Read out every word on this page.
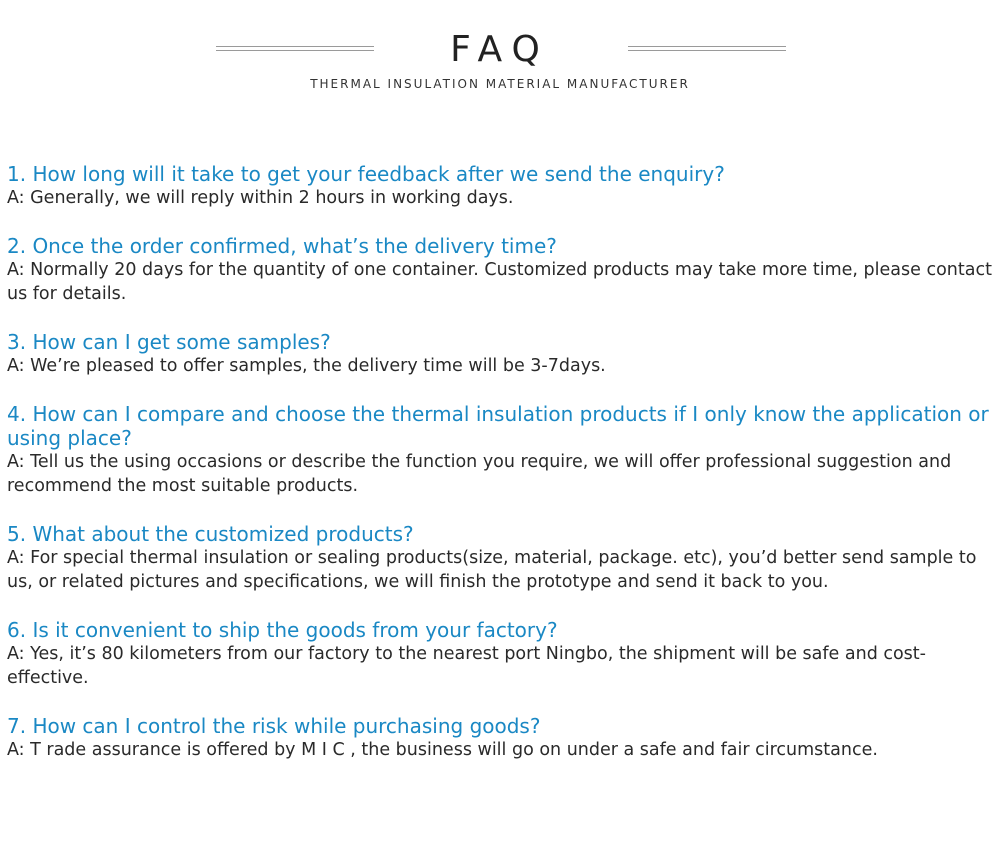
FAQ
THERMAL INSULATION MATERIAL MANUFACTURER

1. How long will it take to get your feedback after we send the enquiry?

A: Generally, we will reply within 2 hours in working days.

2. Once the order confirmed, what’s the delivery time?

A: Normally 20 days for the quantity of one container. Customized products may take more time, please contact us for details.

3. How can I get some samples?

A: We’re pleased to offer samples, the delivery time will be 3-7days.

4. How can I compare and choose the thermal insulation products if I only know the application or using place?

A: Tell us the using occasions or describe the function you require, we will offer professional suggestion and recommend the most suitable products.

5. What about the customized products?

A: For special thermal insulation or sealing products(size, material, package. etc), you’d better send sample to us, or related pictures and specifications, we will finish the prototype and send it back to you.

6. Is it convenient to ship the goods from your factory?

A: Yes, it’s 80 kilometers from our factory to the nearest port Ningbo, the shipment will be safe and cost-effective.

7. How can I control the risk while purchasing goods?

A: T rade assurance is offered by M I C , the business will go on under a safe and fair circumstance.
